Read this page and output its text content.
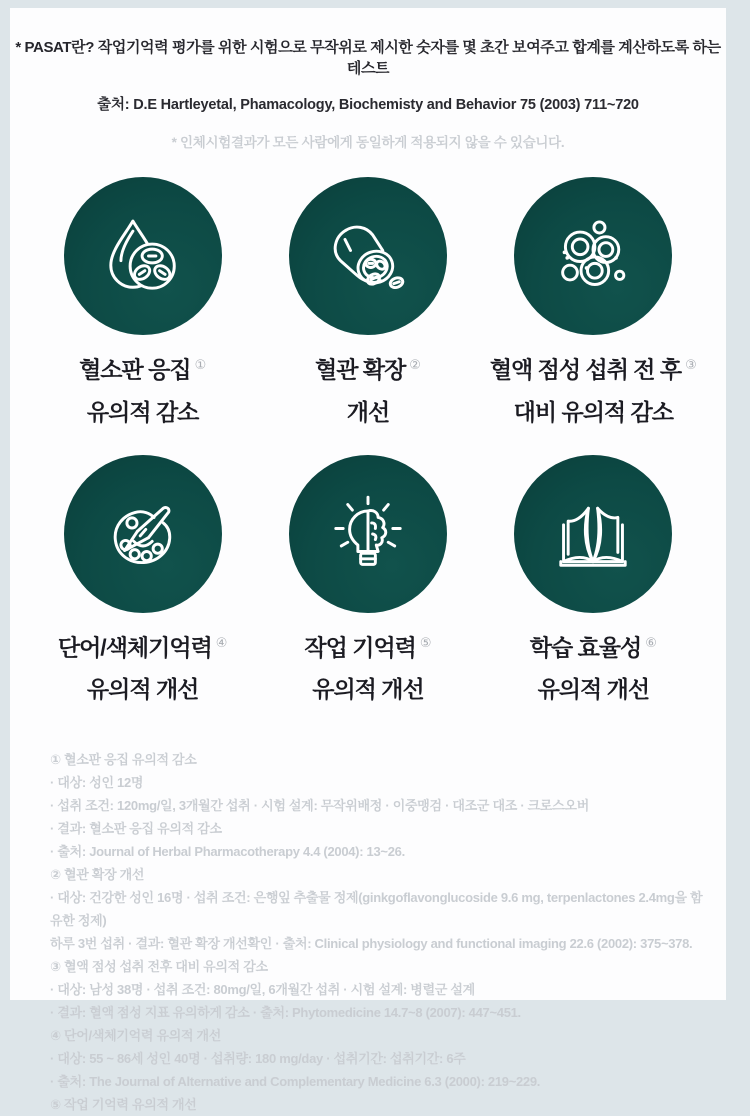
* PASAT란? 작업기억력 평가를 위한 시험으로 무작위로 제시한 숫자를 몇 초간 보여주고 합계를 계산하도록 하는 테스트
출처: D.E Hartleyetal, Phamacology, Biochemisty and Behavior 75 (2003) 711~720
* 인체시험결과가 모든 사람에게 동일하게 적용되지 않을 수 있습니다.
혈소판 응집 ①
유의적 감소
혈관 확장 ②
개선
혈액 점성 섭취 전 후 ③
대비 유의적 감소
단어/색체기억력 ④
유의적 개선
작업 기억력 ⑤
유의적 개선
학습 효율성 ⑥
유의적 개선
① 혈소판 응집 유의적 감소
· 대상: 성인 12명
· 섭취 조건: 120mg/일, 3개월간 섭취 · 시험 설계: 무작위배정 · 이중맹검 · 대조군 대조 · 크로스오버
· 결과: 혈소판 응집 유의적 감소
· 출처: Journal of Herbal Pharmacotherapy 4.4 (2004): 13~26.
② 혈관 확장 개선
· 대상: 건강한 성인 16명 · 섭취 조건: 은행잎 추출물 정제(ginkgoflavonglucoside 9.6 mg, terpenlactones 2.4mg을 함유한 정제)
하루 3번 섭취 · 결과: 혈관 확장 개선확인 · 출처: Clinical physiology and functional imaging 22.6 (2002): 375~378.
③ 혈액 점성 섭취 전후 대비 유의적 감소
· 대상: 남성 38명 · 섭취 조건: 80mg/일, 6개월간 섭취 · 시험 설계: 병렬군 설계
· 결과: 혈액 점성 지표 유의하게 감소 · 출처: Phytomedicine 14.7~8 (2007): 447~451.
④ 단어/색체기억력 유의적 개선
· 대상: 55 ~ 86세 성인 40명 · 섭취량: 180 mg/day · 섭취기간: 섭취기간: 6주
· 출처: The Journal of Alternative and Complementary Medicine 6.3 (2000): 219~229.
⑤ 작업 기억력 유의적 개선
